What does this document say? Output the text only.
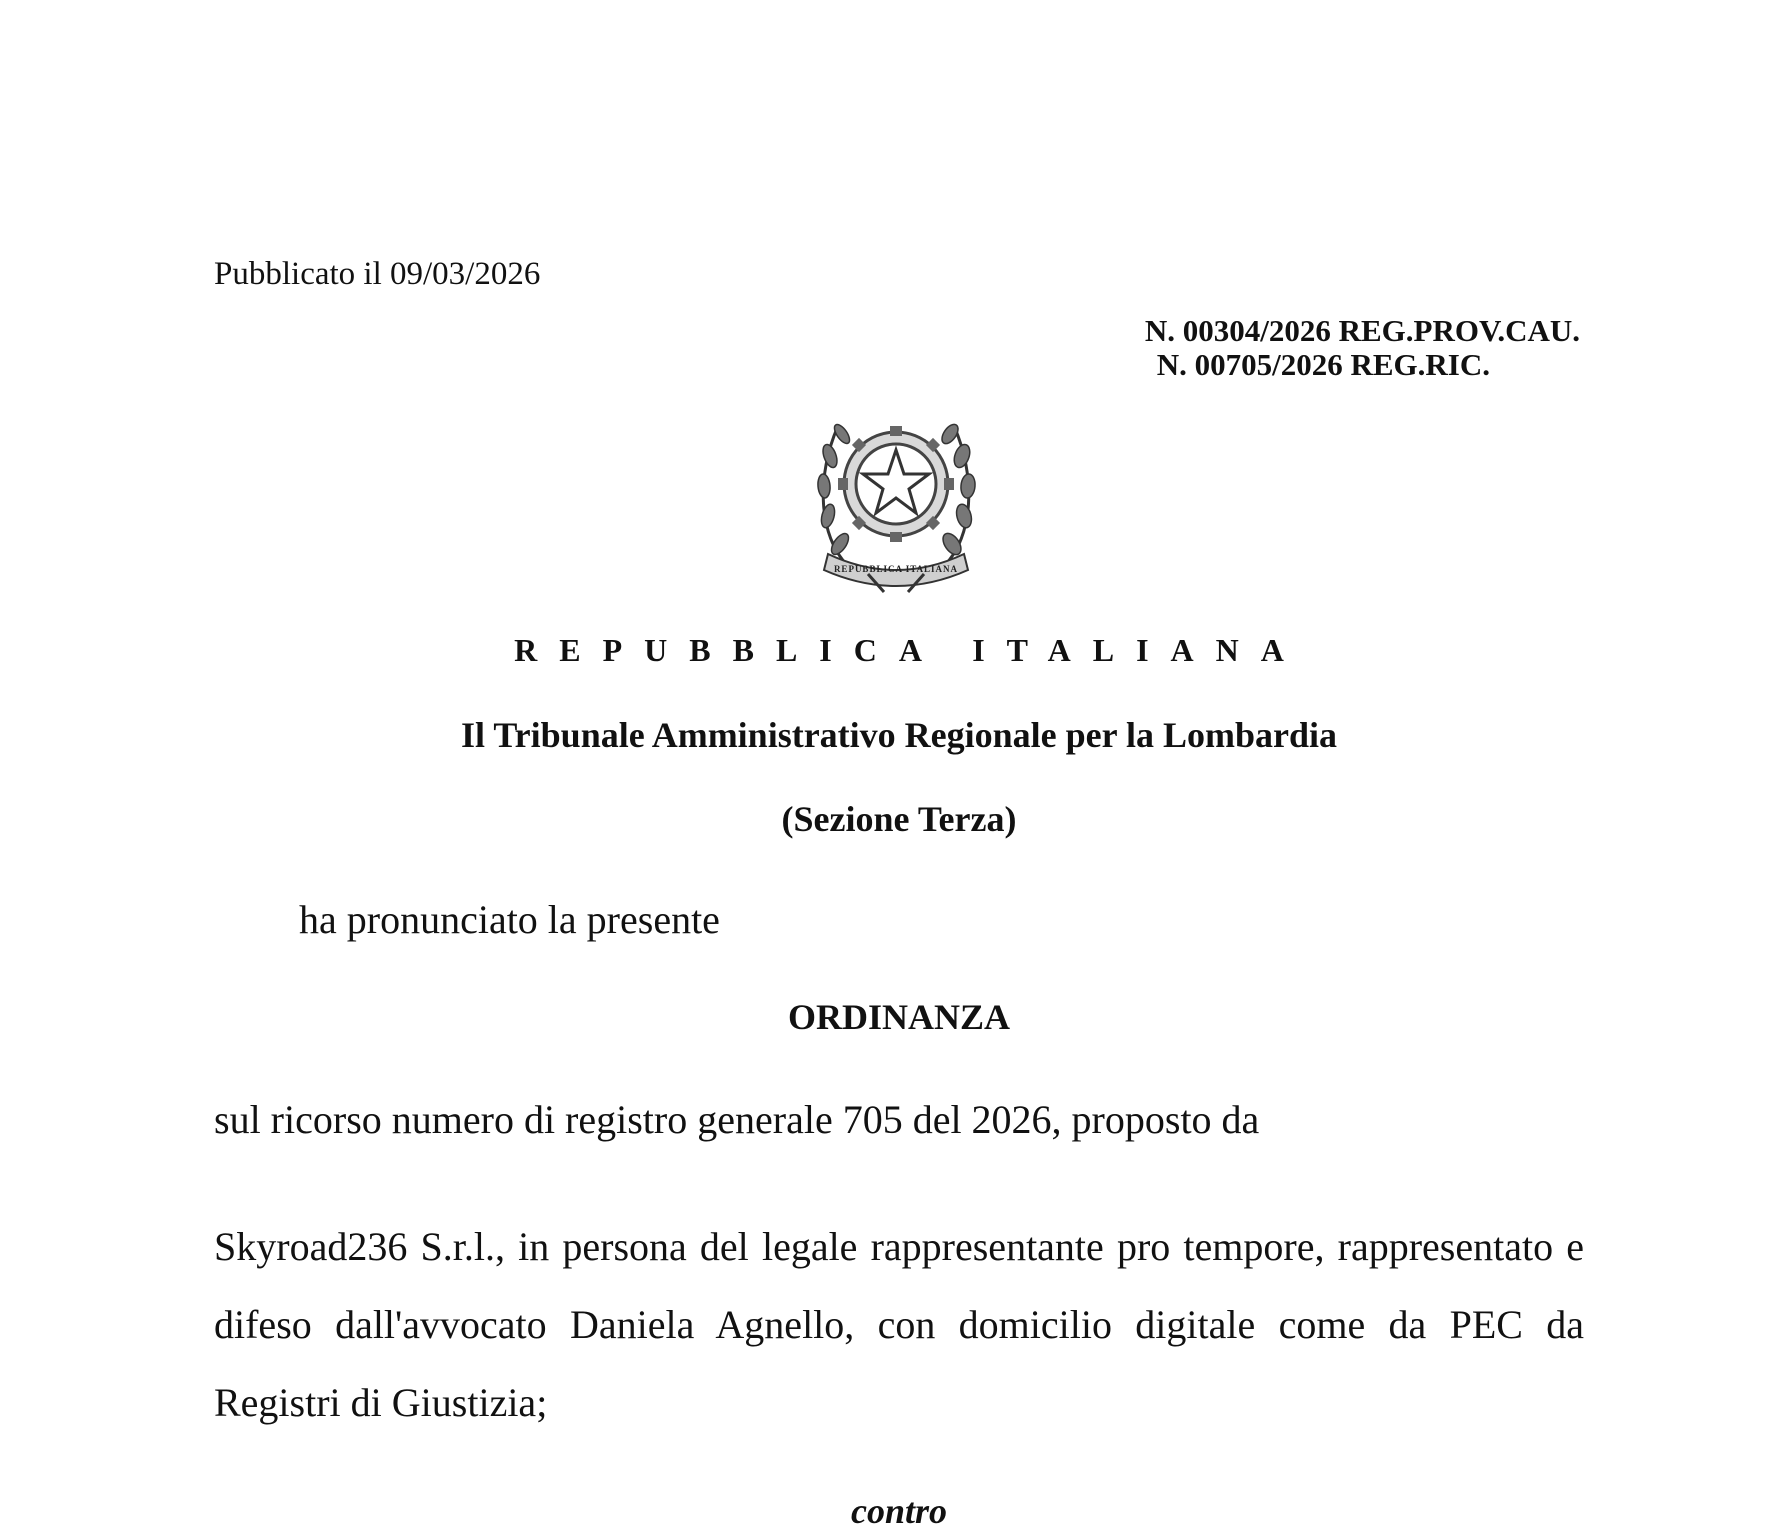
Pubblicato il 09/03/2026
N. 00304/2026 REG.PROV.CAU.
N. 00705/2026 REG.RIC.
REPUBBLICA ITALIANA
REPUBBLICA ITALIANA
Il Tribunale Amministrativo Regionale per la Lombardia
(Sezione Terza)
ha pronunciato la presente
ORDINANZA
sul ricorso numero di registro generale 705 del 2026, proposto da
Skyroad236 S.r.l., in persona del legale rappresentante pro tempore, rappresentato e difeso dall'avvocato Daniela Agnello, con domicilio digitale come da PEC da Registri di Giustizia;
contro
